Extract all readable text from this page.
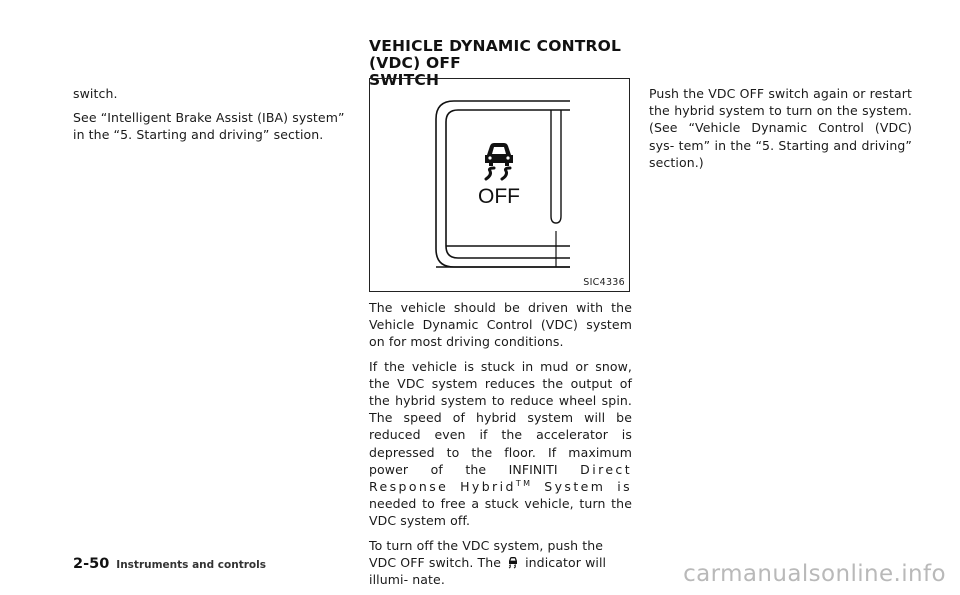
switch.

See “Intelligent Brake Assist (IBA) system” in the “5. Starting and driving” section.

VEHICLE DYNAMIC CONTROL (VDC) OFF
SWITCH
OFF
SIC4336

The vehicle should be driven with the Vehicle Dynamic Control (VDC) system on for most driving conditions.

If the vehicle is stuck in mud or snow, the VDC system reduces the output of the hybrid system to reduce wheel spin. The speed of hybrid system will be reduced even if the accelerator is depressed to the floor. If maximum power of the INFINITI Direct Response Hybrid™ System is needed to free a stuck vehicle, turn the VDC system off.

To turn off the VDC system, push the VDC OFF switch. The indicator will illumi- nate.

Push the VDC OFF switch again or restart the hybrid system to turn on the system. (See “Vehicle Dynamic Control (VDC) sys- tem” in the “5. Starting and driving” section.)

2-50 Instruments and controls	carmanualsonline.info
